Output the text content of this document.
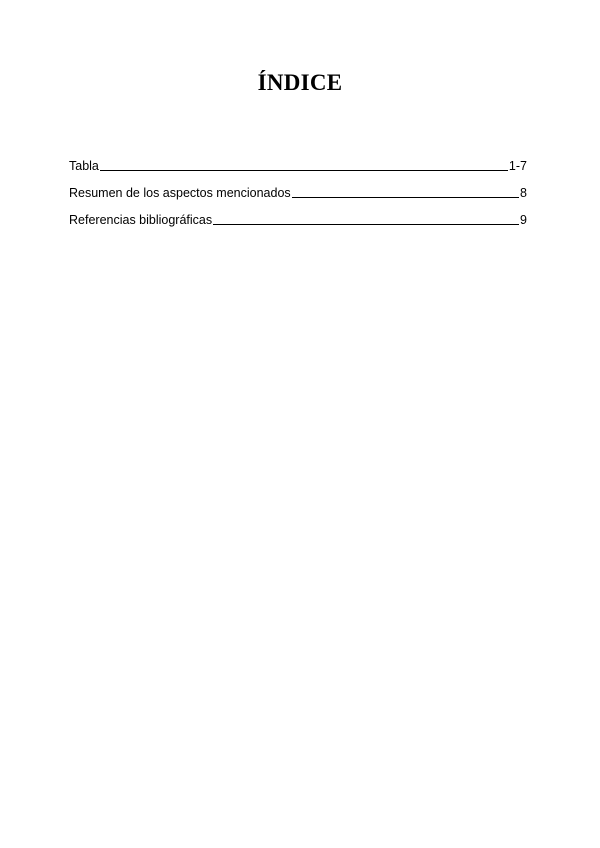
ÍNDICE
Tabla	1-7
Resumen de los aspectos mencionados	8
Referencias bibliográficas	9
